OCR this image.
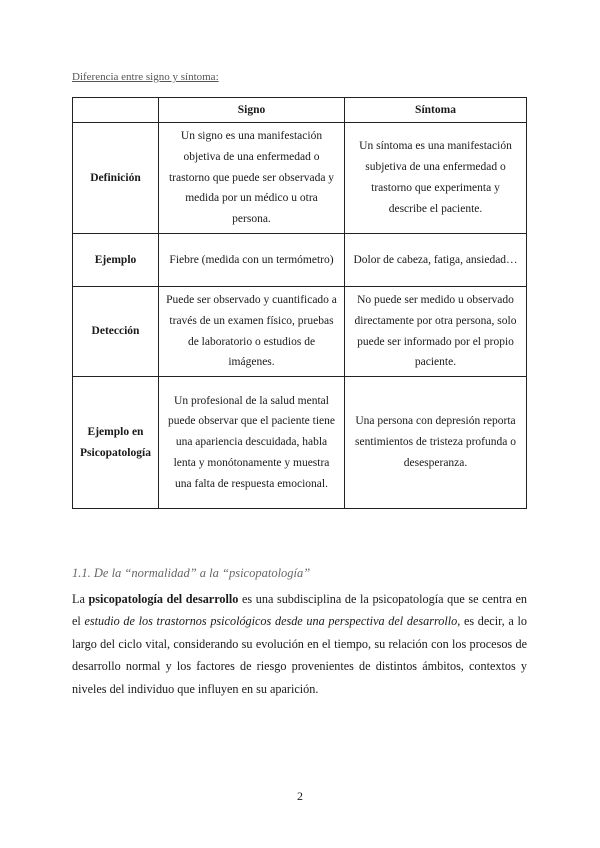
Diferencia entre signo y síntoma:
	Signo	Síntoma
Definición	Un signo es una manifestación objetiva de una enfermedad o trastorno que puede ser observada y medida por un médico u otra persona.	Un síntoma es una manifestación subjetiva de una enfermedad o trastorno que experimenta y describe el paciente.
Ejemplo	Fiebre (medida con un termómetro)	Dolor de cabeza, fatiga, ansiedad…
Detección	Puede ser observado y cuantificado a través de un examen físico, pruebas de laboratorio o estudios de imágenes.	No puede ser medido u observado directamente por otra persona, solo puede ser informado por el propio paciente.
Ejemplo en Psicopatología	Un profesional de la salud mental puede observar que el paciente tiene una apariencia descuidada, habla lenta y monótonamente y muestra una falta de respuesta emocional.	Una persona con depresión reporta sentimientos de tristeza profunda o desesperanza.
1.1. De la “normalidad” a la “psicopatología”

La psicopatología del desarrollo es una subdisciplina de la psicopatología que se centra en el estudio de los trastornos psicológicos desde una perspectiva del desarrollo, es decir, a lo largo del ciclo vital, considerando su evolución en el tiempo, su relación con los procesos de desarrollo normal y los factores de riesgo provenientes de distintos ámbitos, contextos y niveles del individuo que influyen en su aparición.

2
